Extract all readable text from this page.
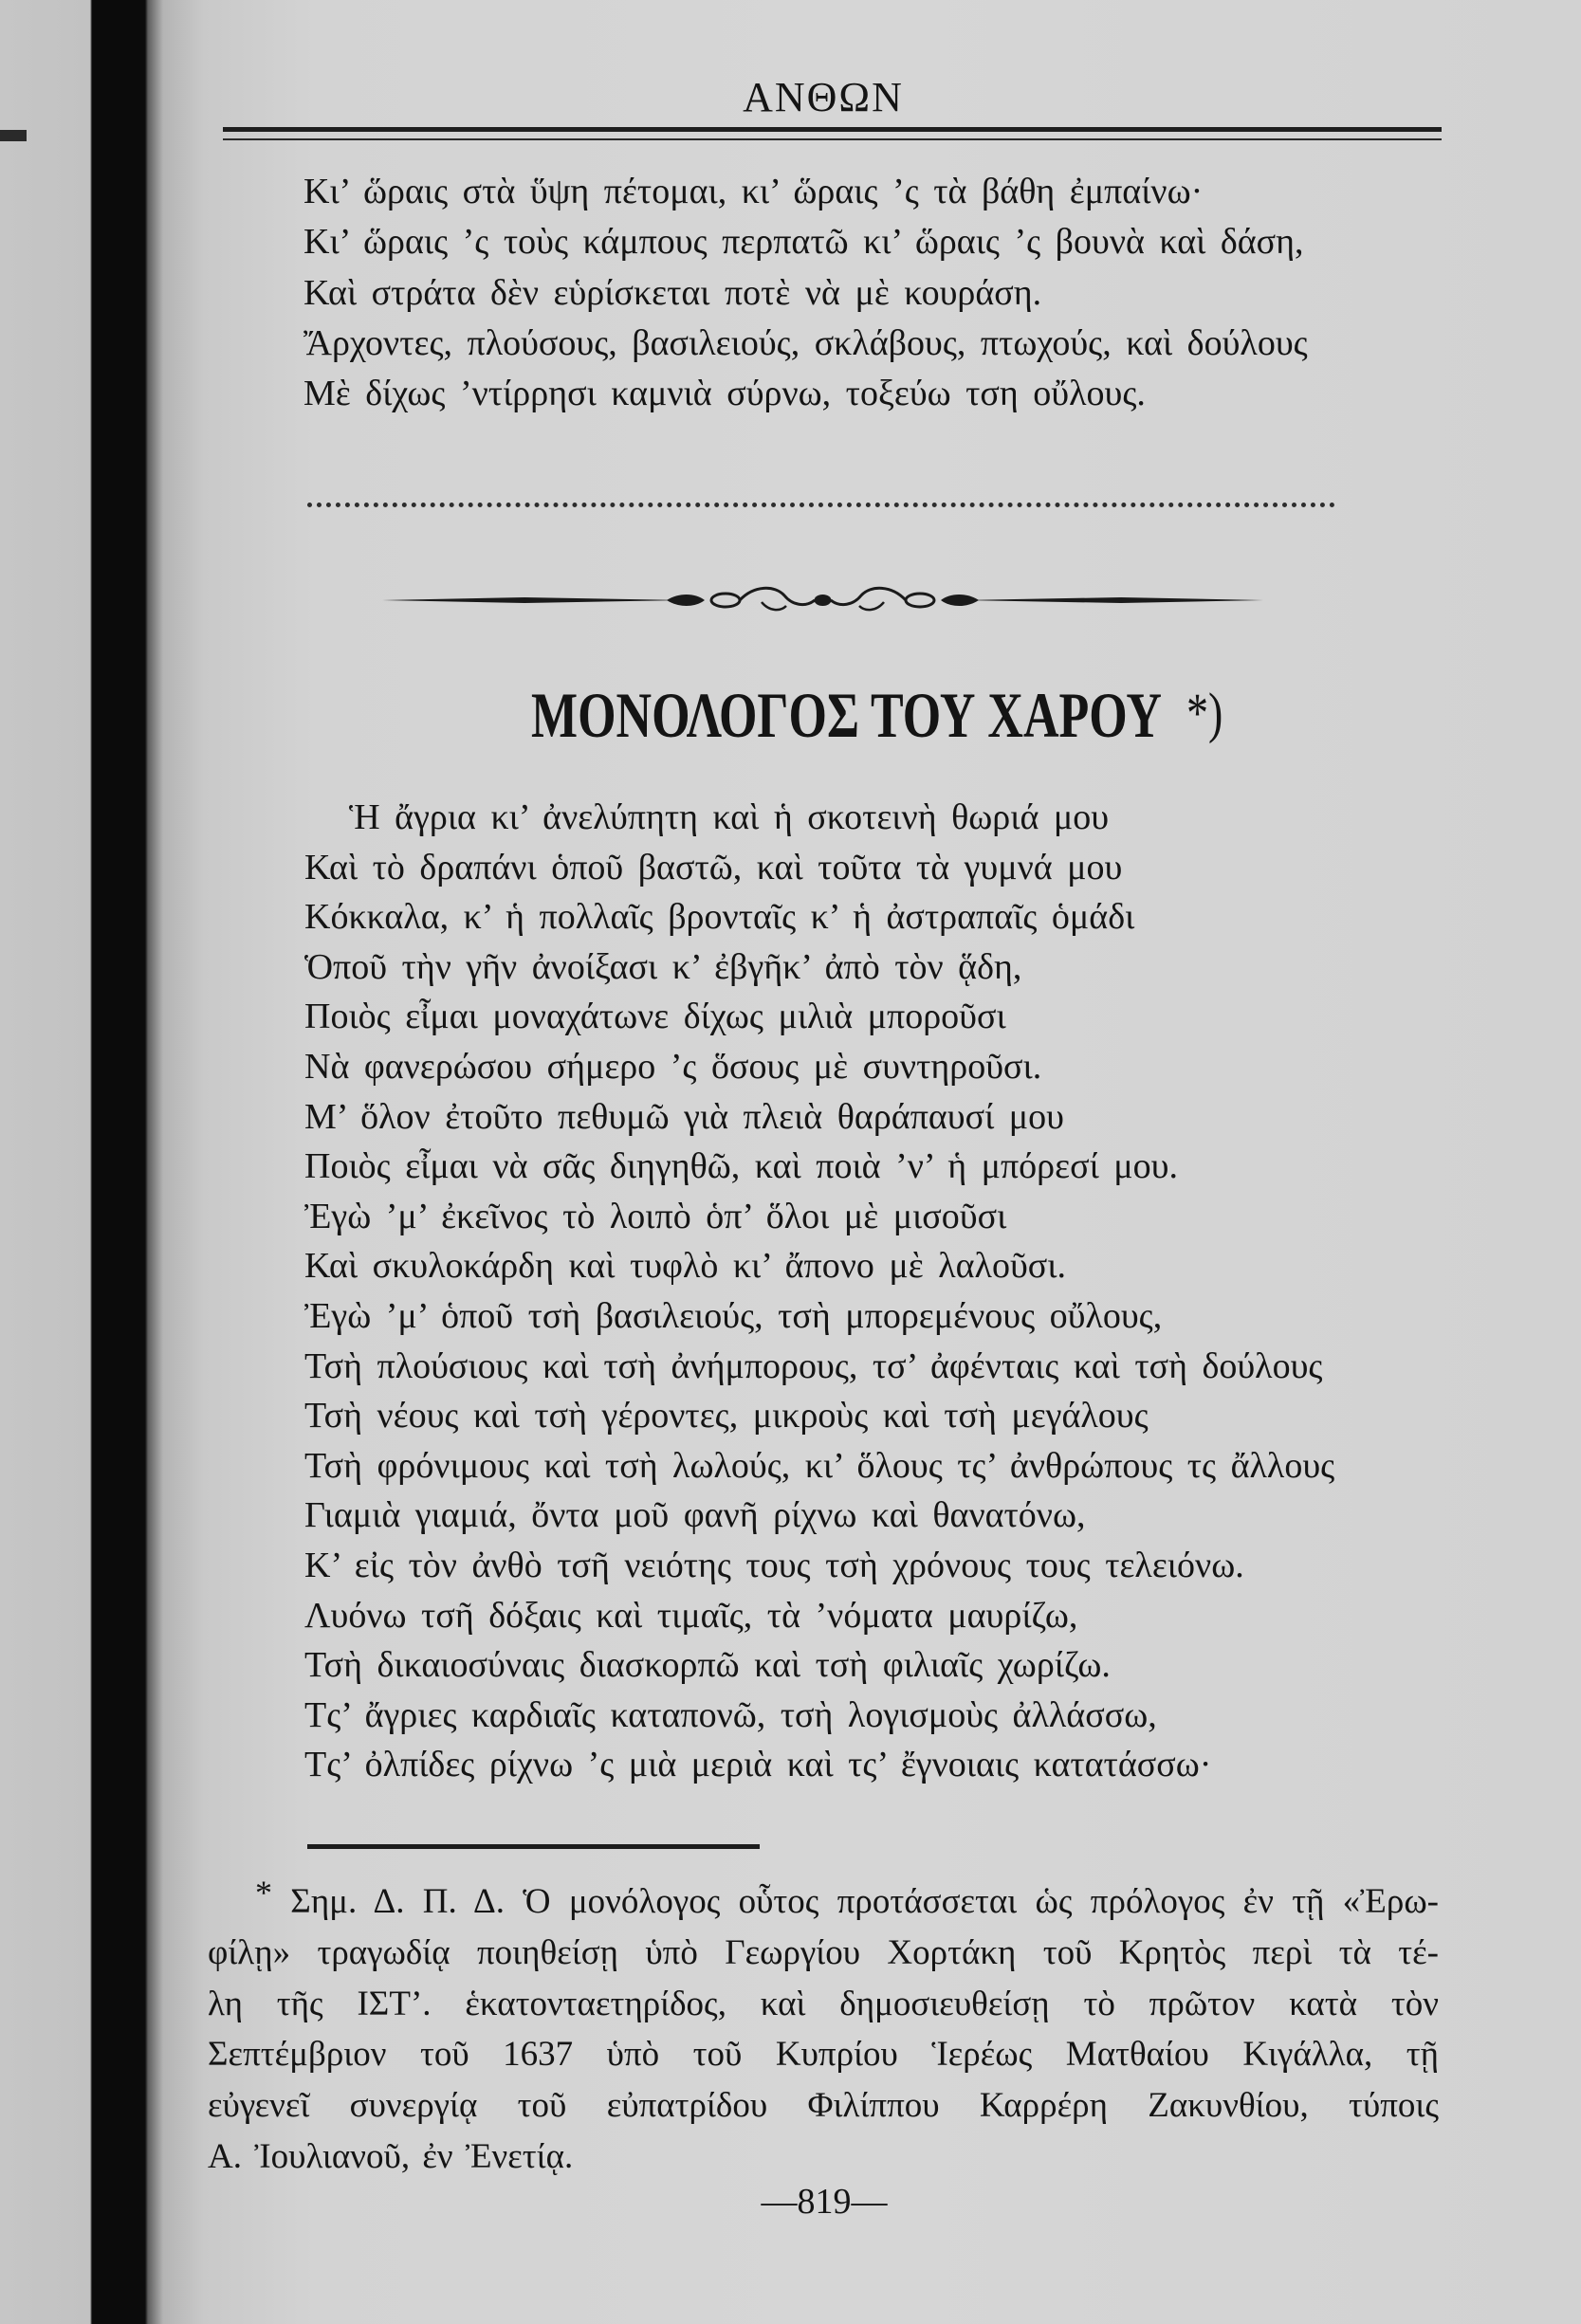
ΑΝΘΩΝ
Κι’ ὥραις στὰ ὕψη πέτομαι, κι’ ὥραις ’ς τὰ βάθη ἐμπαίνω·
Κι’ ὥραις ’ς τοὺς κάμπους περπατῶ κι’ ὥραις ’ς βουνὰ καὶ δάση,
Καὶ στράτα δὲν εὑρίσκεται ποτὲ νὰ μὲ κουράση.
Ἄρχοντες, πλούσους, βασιλειούς, σκλάβους, πτωχούς, καὶ δούλους
Μὲ δίχως ’ντίρρησι καμνιὰ σύρνω, τοξεύω τση οὔλους.
ΜΟΝΟΛΟΓΟΣ ΤΟΥ ΧΑΡΟΥ *)
Ἡ ἄγρια κι’ ἀνελύπητη καὶ ἡ σκοτεινὴ θωριά μου
Καὶ τὸ δραπάνι ὁποῦ βαστῶ, καὶ τοῦτα τὰ γυμνά μου
Κόκκαλα, κ’ ἡ πολλαῖς βρονταῖς κ’ ἡ ἀστραπαῖς ὁμάδι
Ὁποῦ τὴν γῆν ἀνοίξασι κ’ ἐβγῆκ’ ἀπὸ τὸν ᾅδη,
Ποιὸς εἶμαι μοναχάτωνε δίχως μιλιὰ μποροῦσι
Νὰ φανερώσου σήμερο ’ς ὅσους μὲ συντηροῦσι.
Μ’ ὅλον ἐτοῦτο πεθυμῶ γιὰ πλειὰ θαράπαυσί μου
Ποιὸς εἶμαι νὰ σᾶς διηγηθῶ, καὶ ποιὰ ’ν’ ἡ μπόρεσί μου.
Ἐγὼ ’μ’ ἐκεῖνος τὸ λοιπὸ ὁπ’ ὅλοι μὲ μισοῦσι
Καὶ σκυλοκάρδη καὶ τυφλὸ κι’ ἄπονο μὲ λαλοῦσι.
Ἐγὼ ’μ’ ὁποῦ τσὴ βασιλειούς, τσὴ μπορεμένους οὔλους,
Τσὴ πλούσιους καὶ τσὴ ἀνήμπορους, τσ’ ἀφένταις καὶ τσὴ δούλους
Τσὴ νέους καὶ τσὴ γέροντες, μικροὺς καὶ τσὴ μεγάλους
Τσὴ φρόνιμους καὶ τσὴ λωλούς, κι’ ὅλους τς’ ἀνθρώπους τς ἄλλους
Γιαμιὰ γιαμιά, ὄντα μοῦ φανῆ ρίχνω καὶ θανατόνω,
Κ’ εἰς τὸν ἀνθὸ τσῆ νειότης τους τσὴ χρόνους τους τελειόνω.
Λυόνω τσῆ δόξαις καὶ τιμαῖς, τὰ ’νόματα μαυρίζω,
Τσὴ δικαιοσύναις διασκορπῶ καὶ τσὴ φιλιαῖς χωρίζω.
Τς’ ἄγριες καρδιαῖς καταπονῶ, τσὴ λογισμοὺς ἀλλάσσω,
Τς’ ὀλπίδες ρίχνω ’ς μιὰ μεριὰ καὶ τς’ ἔγνοιαις κατατάσσω·
* Σημ. Δ. Π. Δ. Ὁ μονόλογος οὗτος προτάσσεται ὡς πρόλογος ἐν τῇ «Ἐρω-
φίλῃ» τραγωδίᾳ ποιηθείσῃ ὑπὸ Γεωργίου Χορτάκη τοῦ Κρητὸς περὶ τὰ τέ-
λη τῆς ΙΣΤ’. ἑκατονταετηρίδος, καὶ δημοσιευθείσῃ τὸ πρῶτον κατὰ τὸν
Σεπτέμβριον τοῦ 1637 ὑπὸ τοῦ Κυπρίου Ἱερέως Ματθαίου Κιγάλλα, τῇ
εὐγενεῖ συνεργίᾳ τοῦ εὐπατρίδου Φιλίππου Καρρέρη Ζακυνθίου, τύποις
Α. Ἰουλιανοῦ, ἐν Ἐνετίᾳ.
—819—
